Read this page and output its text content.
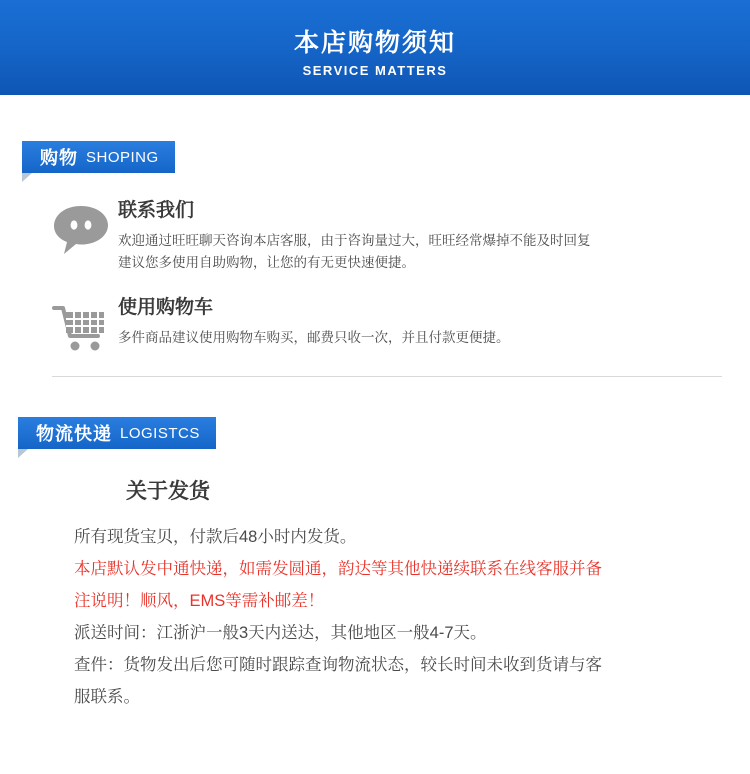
本店购物须知
SERVICE MATTERS
购物 SHOPING
联系我们
欢迎通过旺旺聊天咨询本店客服，由于咨询量过大，旺旺经常爆掉不能及时回复
建议您多使用自助购物，让您的有无更快速便捷。
使用购物车
多件商品建议使用购物车购买，邮费只收一次，并且付款更便捷。
物流快递 LOGISTCS
关于发货
所有现货宝贝，付款后48小时内发货。
本店默认发中通快递，如需发圆通，韵达等其他快递续联系在线客服并备
注说明！顺风，EMS等需补邮差！
派送时间：江浙沪一般3天内送达，其他地区一般4-7天。
查件：货物发出后您可随时跟踪查询物流状态，较长时间未收到货请与客
服联系。
